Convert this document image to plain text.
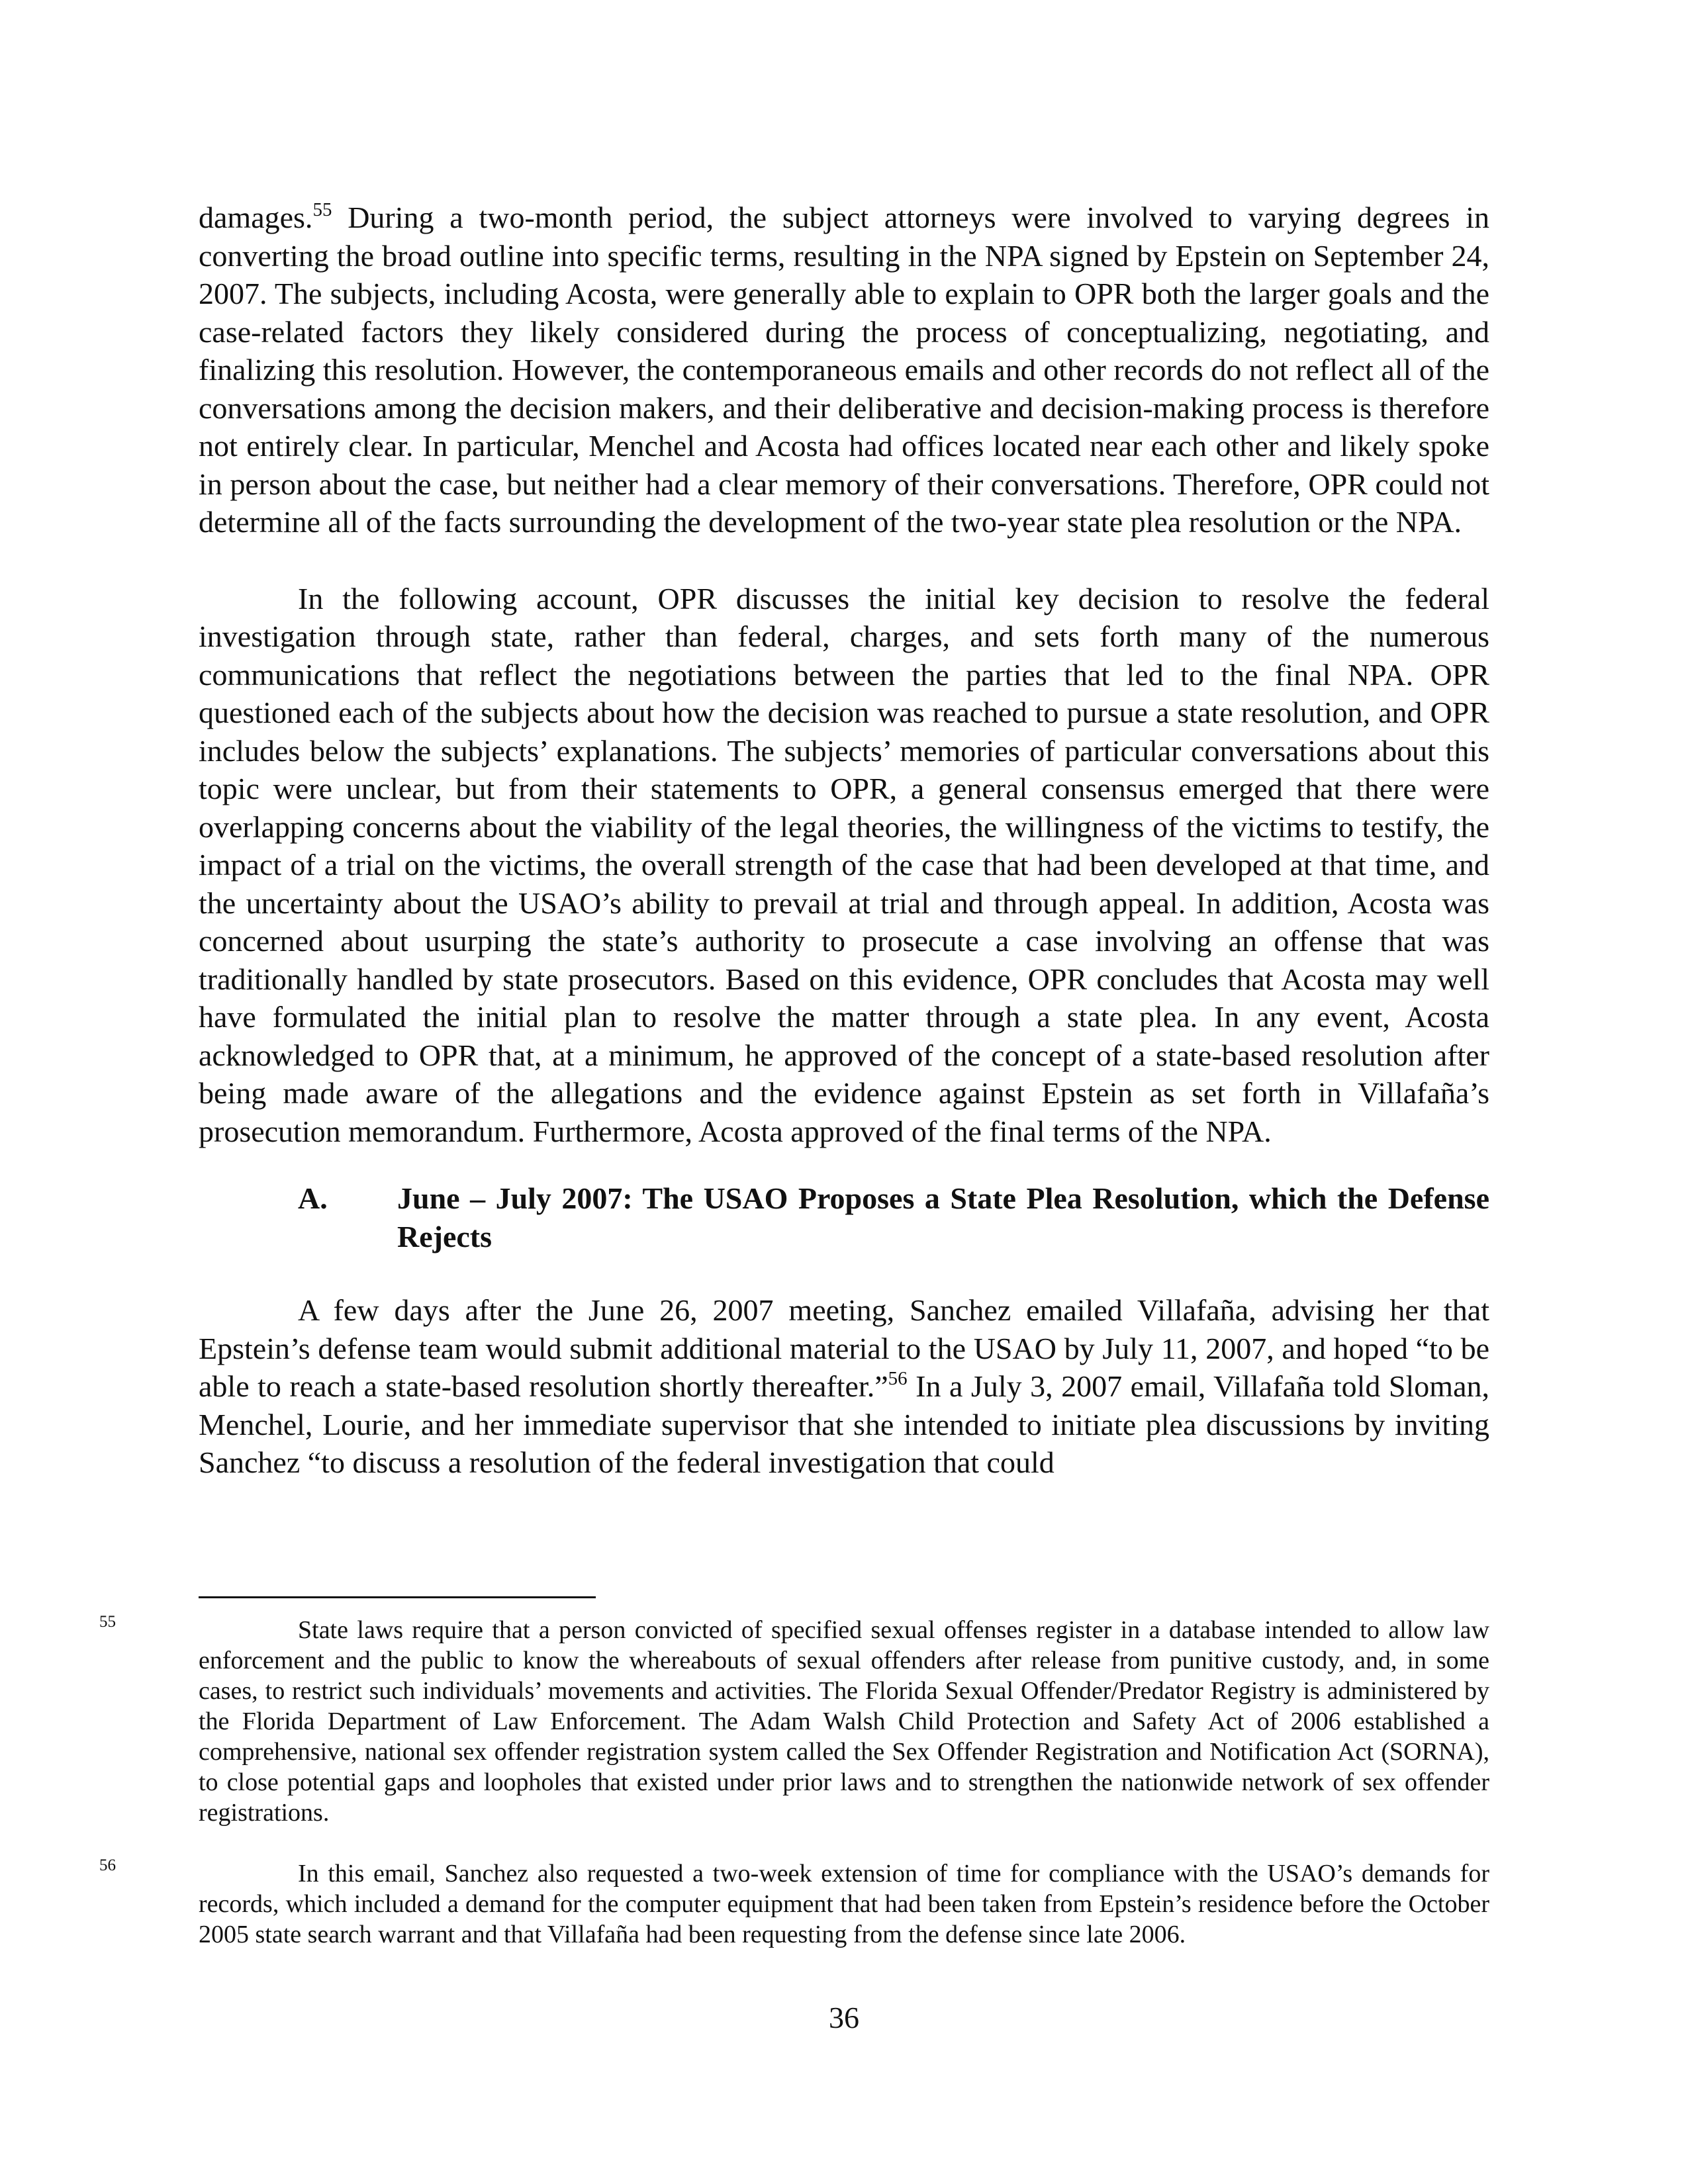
damages.$^{55}$ During a two-month period, the subject attorneys were involved to varying degrees in converting the broad outline into specific terms, resulting in the NPA signed by Epstein on September 24, 2007. The subjects, including Acosta, were generally able to explain to OPR both the larger goals and the case-related factors they likely considered during the process of conceptualizing, negotiating, and finalizing this resolution. However, the contemporaneous emails and other records do not reflect all of the conversations among the decision makers, and their deliberative and decision-making process is therefore not entirely clear. In particular, Menchel and Acosta had offices located near each other and likely spoke in person about the case, but neither had a clear memory of their conversations. Therefore, OPR could not determine all of the facts surrounding the development of the two-year state plea resolution or the NPA.

In the following account, OPR discusses the initial key decision to resolve the federal investigation through state, rather than federal, charges, and sets forth many of the numerous communications that reflect the negotiations between the parties that led to the final NPA. OPR questioned each of the subjects about how the decision was reached to pursue a state resolution, and OPR includes below the subjects’ explanations. The subjects’ memories of particular conversations about this topic were unclear, but from their statements to OPR, a general consensus emerged that there were overlapping concerns about the viability of the legal theories, the willingness of the victims to testify, the impact of a trial on the victims, the overall strength of the case that had been developed at that time, and the uncertainty about the USAO’s ability to prevail at trial and through appeal. In addition, Acosta was concerned about usurping the state’s authority to prosecute a case involving an offense that was traditionally handled by state prosecutors. Based on this evidence, OPR concludes that Acosta may well have formulated the initial plan to resolve the matter through a state plea. In any event, Acosta acknowledged to OPR that, at a minimum, he approved of the concept of a state-based resolution after being made aware of the allegations and the evidence against Epstein as set forth in Villafaña’s prosecution memorandum. Furthermore, Acosta approved of the final terms of the NPA.

A. June – July 2007: The USAO Proposes a State Plea Resolution, which the Defense Rejects

A few days after the June 26, 2007 meeting, Sanchez emailed Villafaña, advising her that Epstein’s defense team would submit additional material to the USAO by July 11, 2007, and hoped “to be able to reach a state-based resolution shortly thereafter.”$^{56}$ In a July 3, 2007 email, Villafaña told Sloman, Menchel, Lourie, and her immediate supervisor that she intended to initiate plea discussions by inviting Sanchez “to discuss a resolution of the federal investigation that could

55	State laws require that a person convicted of specified sexual offenses register in a database intended to allow law enforcement and the public to know the whereabouts of sexual offenders after release from punitive custody, and, in some cases, to restrict such individuals’ movements and activities. The Florida Sexual Offender/Predator Registry is administered by the Florida Department of Law Enforcement. The Adam Walsh Child Protection and Safety Act of 2006 established a comprehensive, national sex offender registration system called the Sex Offender Registration and Notification Act (SORNA), to close potential gaps and loopholes that existed under prior laws and to strengthen the nationwide network of sex offender registrations.

56	In this email, Sanchez also requested a two-week extension of time for compliance with the USAO’s demands for records, which included a demand for the computer equipment that had been taken from Epstein’s residence before the October 2005 state search warrant and that Villafaña had been requesting from the defense since late 2006.

36
